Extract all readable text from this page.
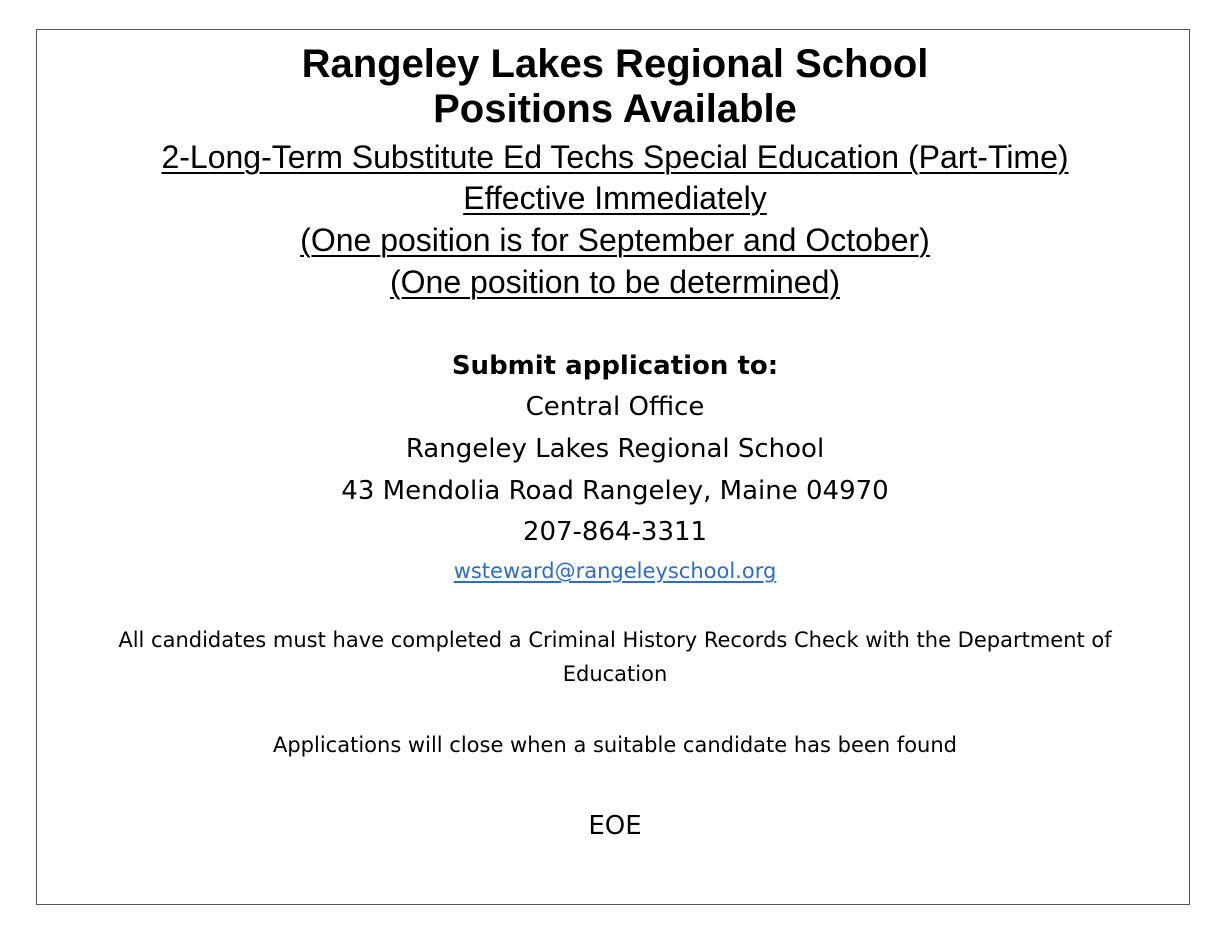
Rangeley Lakes Regional School
Positions Available

2-Long-Term Substitute Ed Techs Special Education (Part-Time)

Effective Immediately

(One position is for September and October)

(One position to be determined)

Submit application to:

Central Office

Rangeley Lakes Regional School

43 Mendolia Road Rangeley, Maine 04970

207-864-3311

wsteward@rangeleyschool.org

All candidates must have completed a Criminal History Records Check with the Department of

Education

Applications will close when a suitable candidate has been found

EOE
